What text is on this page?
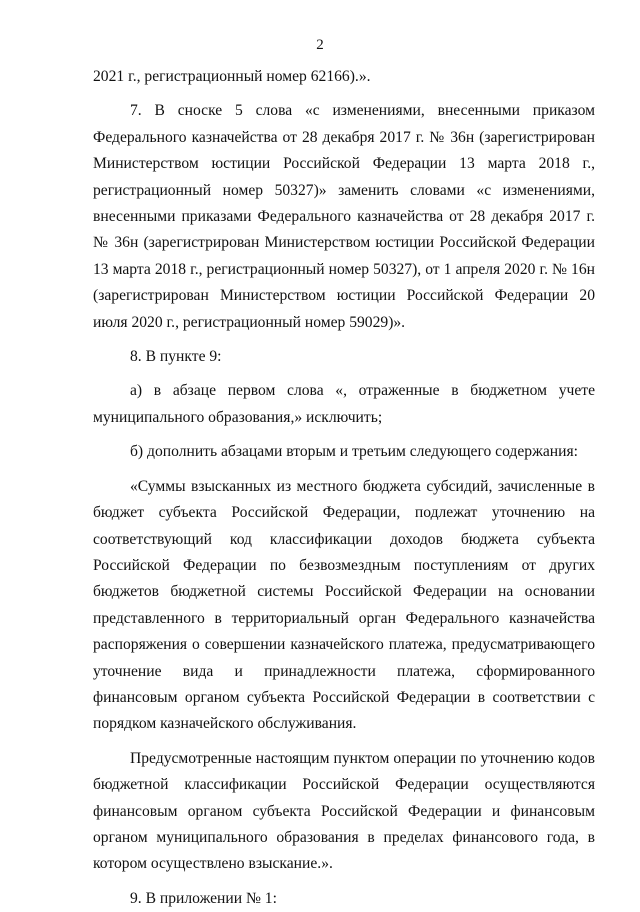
2

2021 г., регистрационный номер 62166).».

7. В сноске 5 слова «с изменениями, внесенными приказом Федерального казначейства от 28 декабря 2017 г. № 36н (зарегистрирован Министерством юстиции Российской Федерации 13 марта 2018 г., регистрационный номер 50327)» заменить словами «с изменениями, внесенными приказами Федерального казначейства от 28 декабря 2017 г. № 36н (зарегистрирован Министерством юстиции Российской Федерации 13 марта 2018 г., регистрационный номер 50327), от 1 апреля 2020 г. № 16н (зарегистрирован Министерством юстиции Российской Федерации 20 июля 2020 г., регистрационный номер 59029)».

8. В пункте 9:

а) в абзаце первом слова «, отраженные в бюджетном учете муниципального образования,» исключить;

б) дополнить абзацами вторым и третьим следующего содержания:

«Суммы взысканных из местного бюджета субсидий, зачисленные в бюджет субъекта Российской Федерации, подлежат уточнению на соответствующий код классификации доходов бюджета субъекта Российской Федерации по безвозмездным поступлениям от других бюджетов бюджетной системы Российской Федерации на основании представленного в территориальный орган Федерального казначейства распоряжения о совершении казначейского платежа, предусматривающего уточнение вида и принадлежности платежа, сформированного финансовым органом субъекта Российской Федерации в соответствии с порядком казначейского обслуживания.

Предусмотренные настоящим пунктом операции по уточнению кодов бюджетной классификации Российской Федерации осуществляются финансовым органом субъекта Российской Федерации и финансовым органом муниципального образования в пределах финансового года, в котором осуществлено взыскание.».

9. В приложении № 1:
